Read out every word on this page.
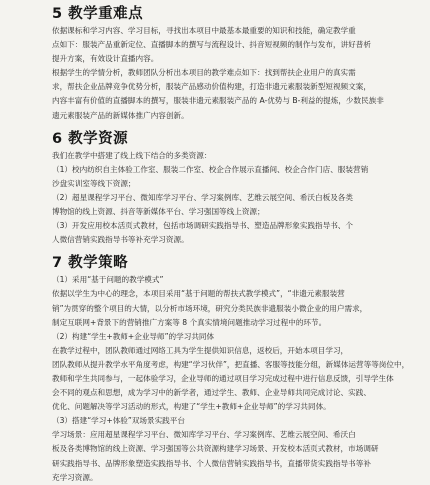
5 教学重难点

依据课标和学习内容、学习目标，寻找出本项目中最基本最重要的知识和技能，确定教学重

点如下：服装产品重新定位、直播脚本的撰写与流程设计、抖音短视频的制作与发布，讲好普析

提升方案，有效设计直播内容。

根据学生的学情分析，教师团队分析出本项目的教学难点如下：找到帮扶企业用户的真实需

求，帮扶企业品牌竞争优势分析，服装产品感动价值构建，打造非遗元素服装新型短视频文案，

内容丰富有价值的直播脚本的撰写，服装非遗元素服装产品的 A-优势与 B-利益的提炼，少数民族非

遗元素服装产品的新媒体推广内容创新。

6 教学资源

我们在教学中搭建了线上线下结合的多类资源：

（1）校内纺织自主体验工作室、服装二作室、校企合作展示直播间、校企合作门店、服装营销

沙盘实训室等线下资源；

（2）超星课程学习平台、微知库学习平台、学习案例库、艺维云展空间、希沃白板及各类

博物馆的线上资源、抖音等新媒体平台、学习强国等线上资源；

（3）开发应用校本活页式教材，包括市场调研实践指导书、塑造品牌形象实践指导书、个

人微信营销实践指导书等补充学习资源。

7 教学策略

（1）采用“基于问题的教学模式”

依据以学生为中心的理念，本项目采用“基于问题的帮扶式教学模式”，“非遗元素服装营

销”为贯穿的整个项目的大情，以分析市场环境，研究分类民族非遗服装小微企业的用户需求，

制定互联网+背景下的营销推广方案等 8 个真实情境问题推动学习过程中的环节。

（2）构建“学生+教师+企业导师”的学习共同体

在教学过程中，团队教师通过网络工具为学生提供知识信息，返校后，开始本项目学习，

团队教师从提升教学水平角度考虑，构建“学习伙伴”，把直播、客服等技能分组，新媒体运营等等岗位中，

教师和学生共同参与，一起体验学习，企业导师的通过项目学习完成过程中进行信息反馈，引导学生体

会不同的观点和思想，成为学习中的新学者，通过学生、教师、企业导师共同完成讨论、实践、

优化、问题解决等学习活动的形式，构建了“学生+教师+企业导师”的学习共同体。

（3）搭建“学习+体验”双场景实践平台

学习场景：应用超星课程学习平台、微知库学习平台、学习案例库、艺维云展空间、希沃白

板及各类博物馆的线上资源、学习强国等公共资源构建学习场景、开发校本活页式教材，市场调研

研实践指导书、品牌形象塑造实践指导书、个人微信营销实践指导书，直播带货实践指导书等补

充学习资源。
